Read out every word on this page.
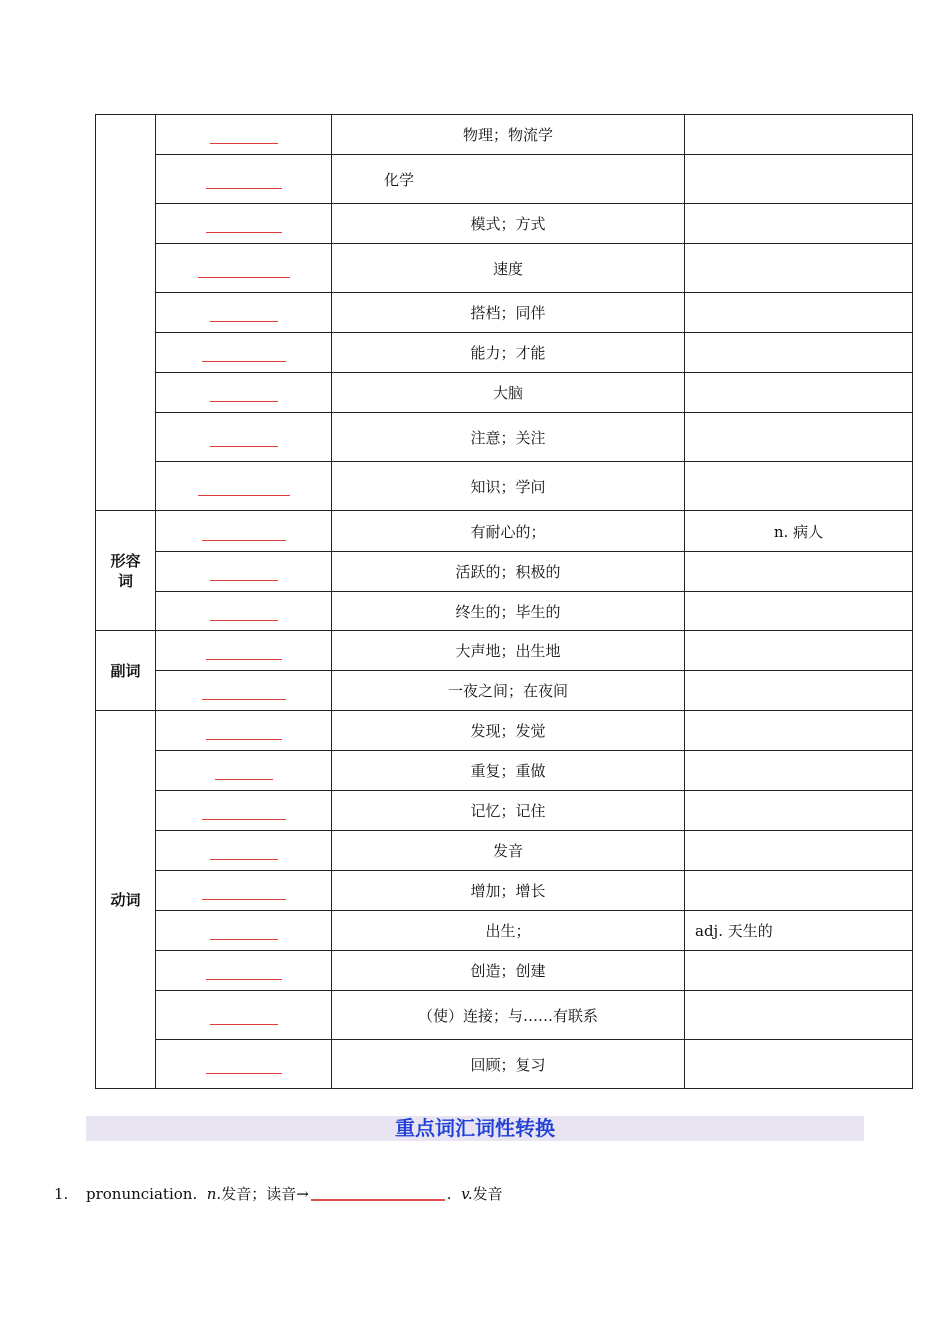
		物理；物流学	
		化学	
		模式；方式	
		速度	
		搭档；同伴	
		能力；才能	
		大脑	
		注意；关注	
		知识；学问	
形容词		有耐心的；	n. 病人
		活跃的；积极的	
		终生的；毕生的	
副词		大声地；出生地	
		一夜之间；在夜间	
动词		发现；发觉	
		重复；重做	
		记忆；记住	
		发音	
		增加；增长	
		出生；	adj. 天生的
		创造；创建	
		（使）连接；与……有联系	
		回顾；复习	
重点词汇词性转换
1. pronunciation. n.发音；读音→	. v.发音
